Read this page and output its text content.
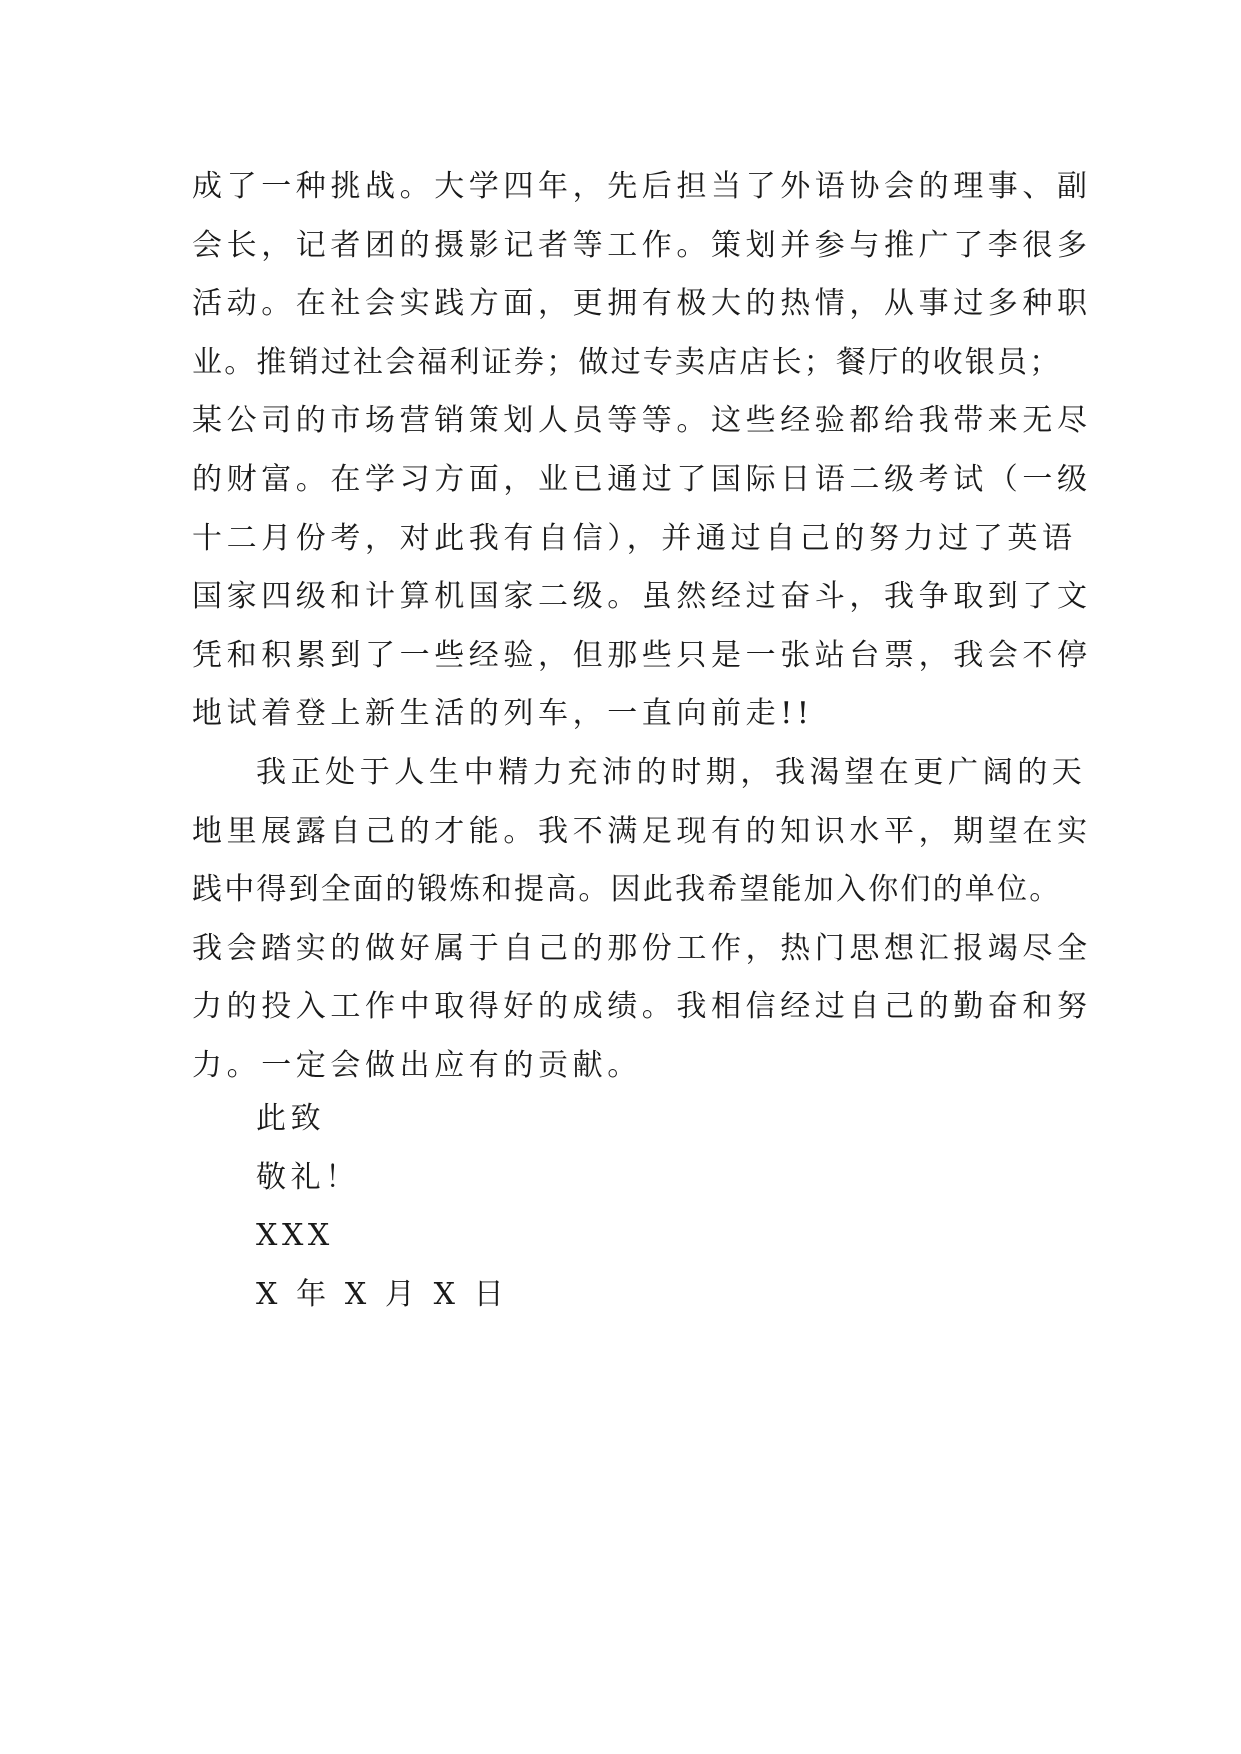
成了一种挑战。大学四年，先后担当了外语协会的理事、副
会长，记者团的摄影记者等工作。策划并参与推广了李很多
活动。在社会实践方面，更拥有极大的热情，从事过多种职
业。推销过社会福利证券；做过专卖店店长；餐厅的收银员；
某公司的市场营销策划人员等等。这些经验都给我带来无尽
的财富。在学习方面，业已通过了国际日语二级考试（一级
十二月份考，对此我有自信），并通过自己的努力过了英语
国家四级和计算机国家二级。虽然经过奋斗，我争取到了文
凭和积累到了一些经验，但那些只是一张站台票，我会不停
地试着登上新生活的列车，一直向前走!!
我正处于人生中精力充沛的时期，我渴望在更广阔的天
地里展露自己的才能。我不满足现有的知识水平，期望在实
践中得到全面的锻炼和提高。因此我希望能加入你们的单位。
我会踏实的做好属于自己的那份工作，热门思想汇报竭尽全
力的投入工作中取得好的成绩。我相信经过自己的勤奋和努
力。一定会做出应有的贡献。
此致
敬礼！
XXX
X 年 X 月 X 日
